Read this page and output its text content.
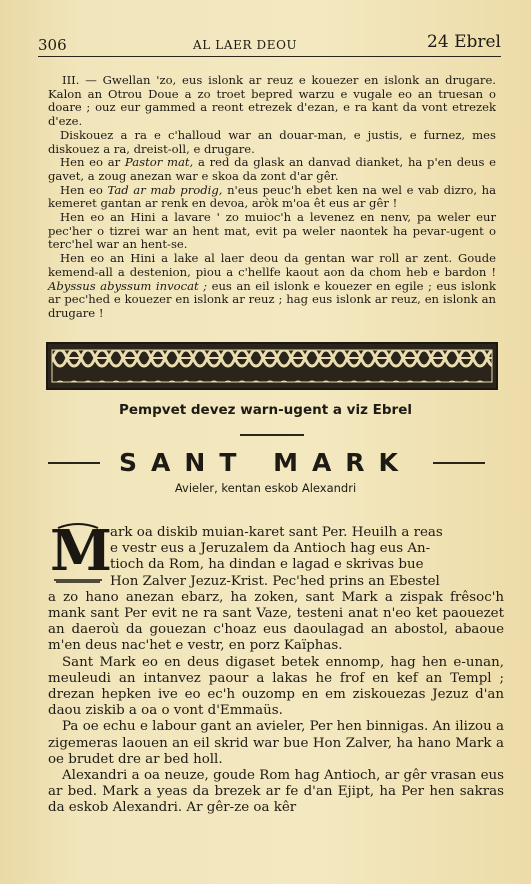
306	AL LAER DEOU	24 Ebrel

III. — Gwellan 'zo, eus islonk ar reuz e kouezer en islonk an drugare. Kalon an Otrou Doue a zo troet bepred warzu e vugale eo an truesan o doare ; ouz eur gammed a reont etrezek d'ezan, e ra kant da vont etrezek d'eze.

Diskouez a ra e c'halloud war an douar-man, e justis, e furnez, mes diskouez a ra, dreist-oll, e drugare.

Hen eo ar Pastor mat, a red da glask an danvad dianket, ha p'en deus e gavet, a zoug anezan war e skoa da zont d'ar gêr.

Hen eo Tad ar mab prodig, n'eus peuc'h ebet ken na wel e vab dizro, ha kemeret gantan ar renk en devoa, aròk m'oa êt eus ar gêr !

Hen eo an Hini a lavare ' zo muioc'h a levenez en nenv, pa weler eur pec'her o tizrei war an hent mat, evit pa weler naontek ha pevar-ugent o terc'hel war an hent-se.

Hen eo an Hini a lake al laer deou da gentan war roll ar zent. Goude kemend-all a destenion, piou a c'hellfe kaout aon da chom heb e bardon ! Abyssus abyssum invocat ; eus an eil islonk e kouezer en egile ; eus islonk ar pec'hed e kouezer en islonk ar reuz ; hag eus islonk ar reuz, en islonk an drugare !

Pempvet devez warn-ugent a viz Ebrel
SANT MARK
Avieler, kentan eskob Alexandri
M

ark oa diskib muian-karet sant Per. Heuilh a reas
e vestr eus a Jeruzalem da Antioch hag eus An-
tioch da Rom, ha dindan e lagad e skrivas bue
Hon Zalver Jezuz-Krist. Pec'hed prins an Ebestel
a zo hano anezan ebarz, ha zoken, sant Mark a zispak frêsoc'h mank sant Per evit ne ra sant Vaze, testeni anat n'eo ket paouezet an daeroù da gouezan c'hoaz eus daoulagad an abostol, abaoue m'en deus nac'het e vestr, en porz Kaïphas.

Sant Mark eo en deus digaset betek ennomp, hag hen e-unan, meuleudi an intanvez paour a lakas he frof en kef an Templ ; drezan hepken ive eo ec'h ouzomp en em ziskouezas Jezuz d'an daou ziskib a oa o vont d'Emmaüs.

Pa oe echu e labour gant an avieler, Per hen binnigas. An ilizou a zigemeras laouen an eil skrid war bue Hon Zalver, ha hano Mark a oe brudet dre ar bed holl.

Alexandri a oa neuze, goude Rom hag Antioch, ar gêr vrasan eus ar bed. Mark a yeas da brezek ar fe d'an Ejipt, ha Per hen sakras da eskob Alexandri. Ar gêr-ze oa kêr
